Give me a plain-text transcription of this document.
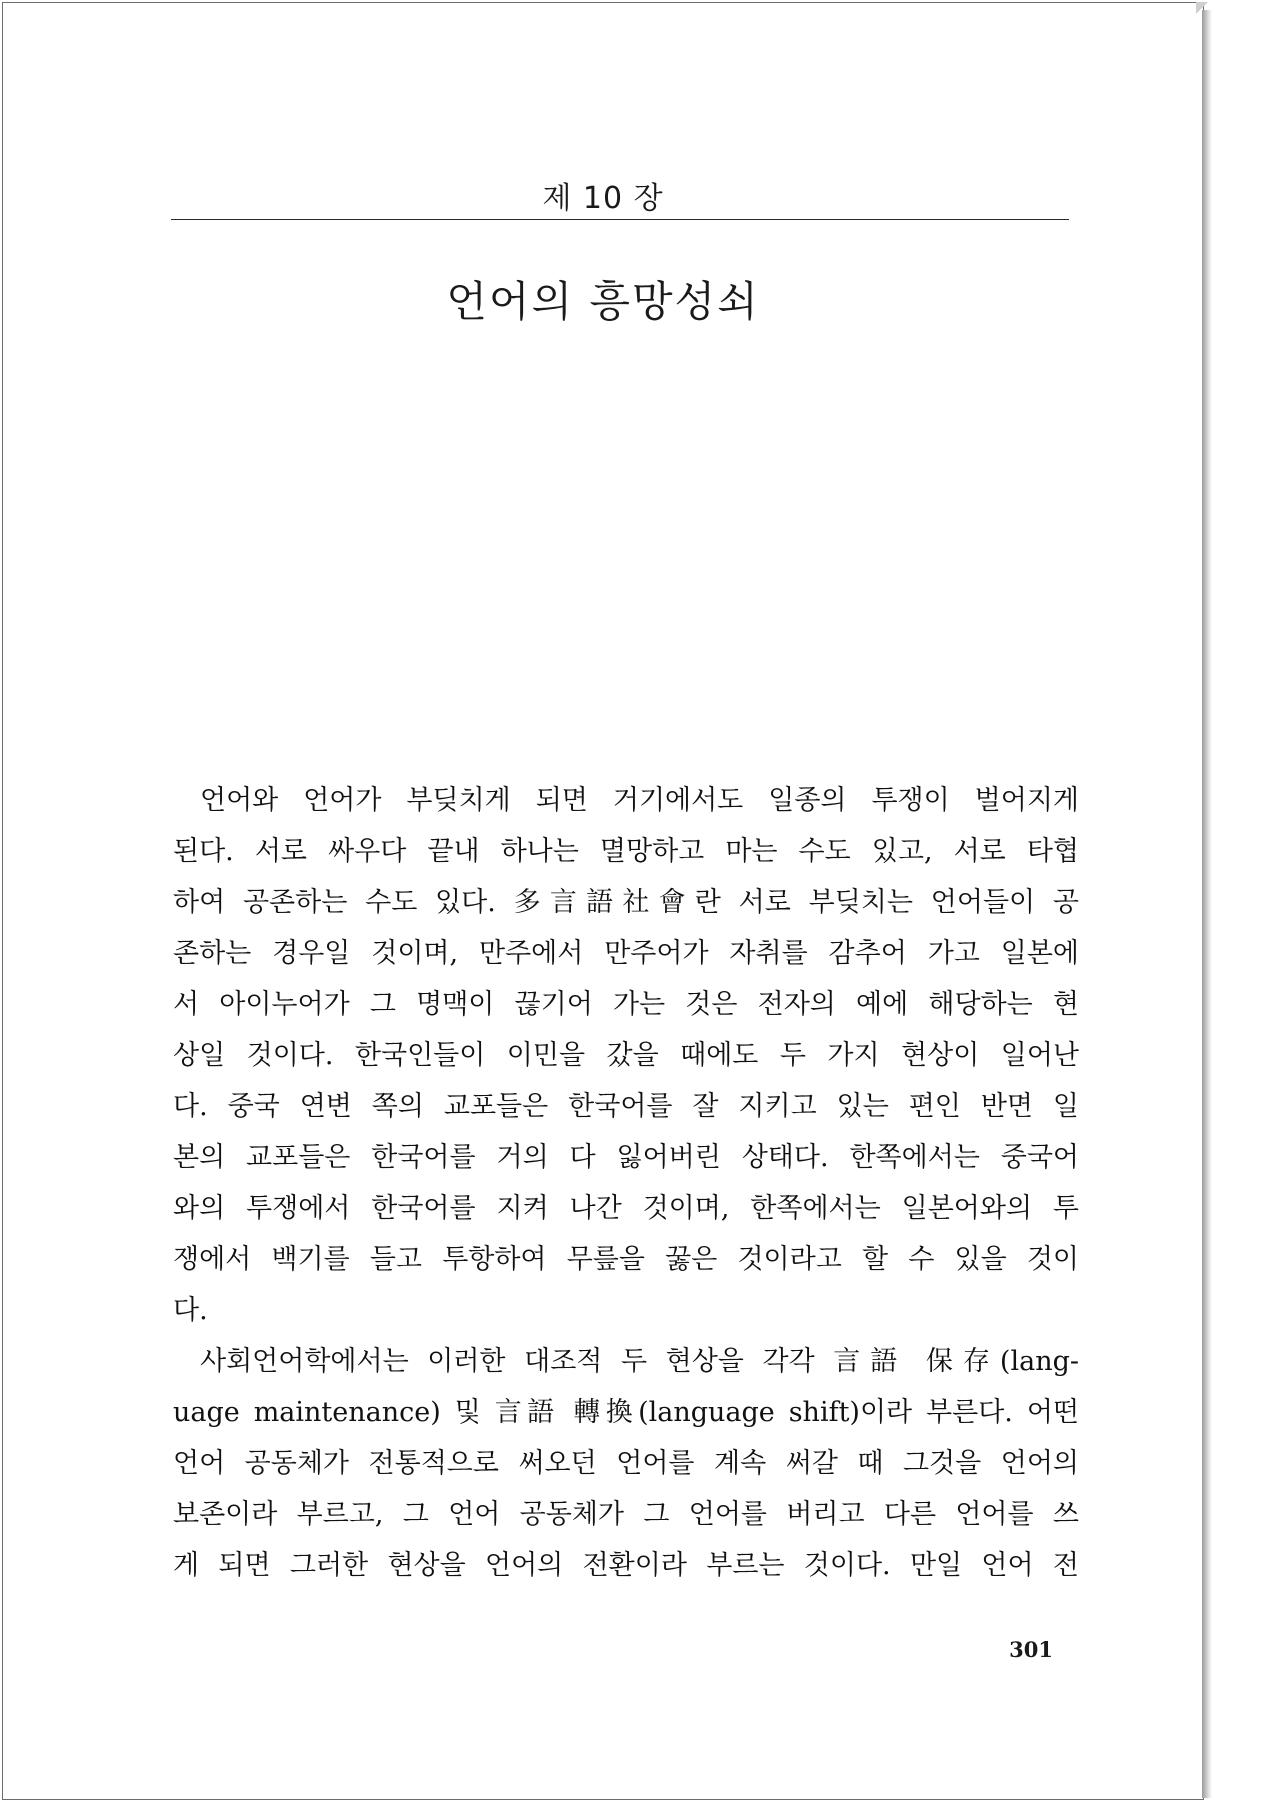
제 10 장
언어의 흥망성쇠
언어와 언어가 부딪치게 되면 거기에서도 일종의 투쟁이 벌어지게
된다. 서로 싸우다 끝내 하나는 멸망하고 마는 수도 있고, 서로 타협
하여 공존하는 수도 있다. 多言語社會란 서로 부딪치는 언어들이 공
존하는 경우일 것이며, 만주에서 만주어가 자취를 감추어 가고 일본에
서 아이누어가 그 명맥이 끊기어 가는 것은 전자의 예에 해당하는 현
상일 것이다. 한국인들이 이민을 갔을 때에도 두 가지 현상이 일어난
다. 중국 연변 쪽의 교포들은 한국어를 잘 지키고 있는 편인 반면 일
본의 교포들은 한국어를 거의 다 잃어버린 상태다. 한쪽에서는 중국어
와의 투쟁에서 한국어를 지켜 나간 것이며, 한쪽에서는 일본어와의 투
쟁에서 백기를 들고 투항하여 무릎을 꿇은 것이라고 할 수 있을 것이
다.
사회언어학에서는 이러한 대조적 두 현상을 각각 言語 保存(lang-
uage maintenance) 및 言語 轉換(language shift)이라 부른다. 어떤
언어 공동체가 전통적으로 써오던 언어를 계속 써갈 때 그것을 언어의
보존이라 부르고, 그 언어 공동체가 그 언어를 버리고 다른 언어를 쓰
게 되면 그러한 현상을 언어의 전환이라 부르는 것이다. 만일 언어 전
301
